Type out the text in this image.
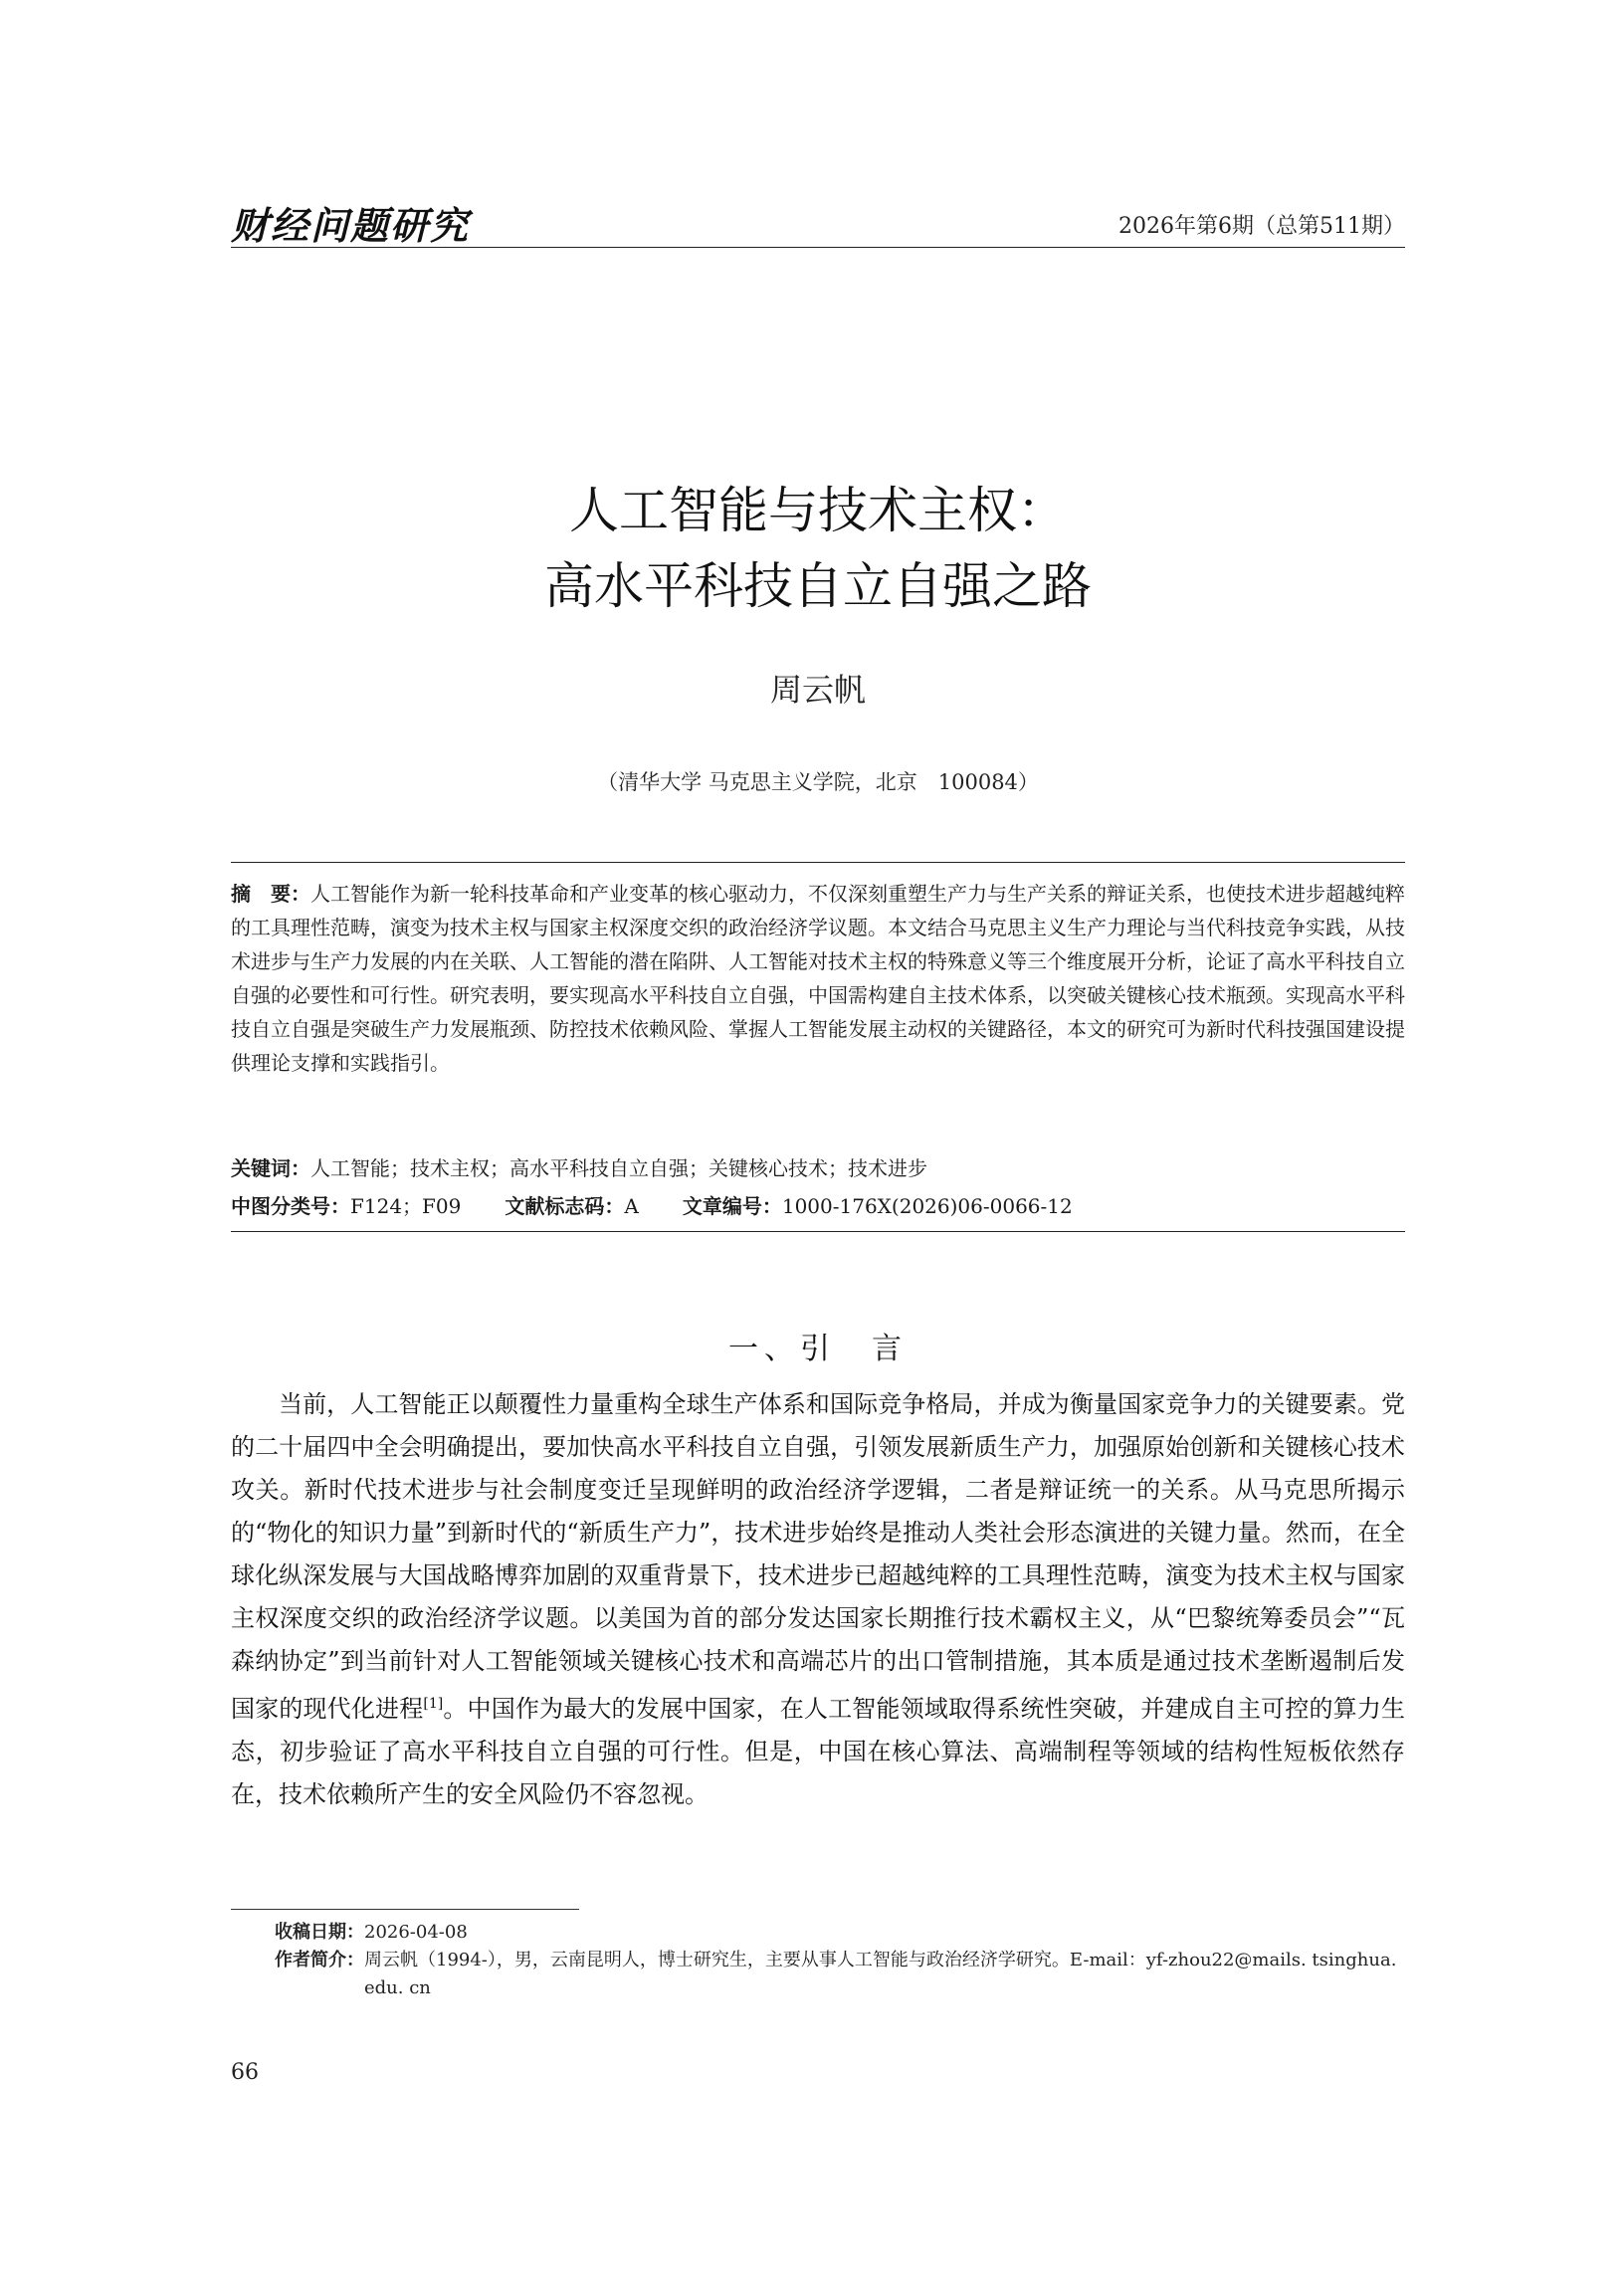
财经问题研究	2026年第6期（总第511期）
人工智能与技术主权：
高水平科技自立自强之路
周云帆
（清华大学 马克思主义学院，北京　100084）
摘　要：人工智能作为新一轮科技革命和产业变革的核心驱动力，不仅深刻重塑生产力与生产关系的辩证关系，也使技术进步超越纯粹的工具理性范畴，演变为技术主权与国家主权深度交织的政治经济学议题。本文结合马克思主义生产力理论与当代科技竞争实践，从技术进步与生产力发展的内在关联、人工智能的潜在陷阱、人工智能对技术主权的特殊意义等三个维度展开分析，论证了高水平科技自立自强的必要性和可行性。研究表明，要实现高水平科技自立自强，中国需构建自主技术体系，以突破关键核心技术瓶颈。实现高水平科技自立自强是突破生产力发展瓶颈、防控技术依赖风险、掌握人工智能发展主动权的关键路径，本文的研究可为新时代科技强国建设提供理论支撑和实践指引。
关键词：人工智能；技术主权；高水平科技自立自强；关键核心技术；技术进步
中图分类号：F124；F09 文献标志码：A 文章编号：1000-176X(2026)06-0066-12
一、引　言
当前，人工智能正以颠覆性力量重构全球生产体系和国际竞争格局，并成为衡量国家竞争力的关键要素。党的二十届四中全会明确提出，要加快高水平科技自立自强，引领发展新质生产力，加强原始创新和关键核心技术攻关。新时代技术进步与社会制度变迁呈现鲜明的政治经济学逻辑，二者是辩证统一的关系。从马克思所揭示的“物化的知识力量”到新时代的“新质生产力”，技术进步始终是推动人类社会形态演进的关键力量。然而，在全球化纵深发展与大国战略博弈加剧的双重背景下，技术进步已超越纯粹的工具理性范畴，演变为技术主权与国家主权深度交织的政治经济学议题。以美国为首的部分发达国家长期推行技术霸权主义，从“巴黎统筹委员会”“瓦森纳协定”到当前针对人工智能领域关键核心技术和高端芯片的出口管制措施，其本质是通过技术垄断遏制后发国家的现代化进程[1]。中国作为最大的发展中国家，在人工智能领域取得系统性突破，并建成自主可控的算力生态，初步验证了高水平科技自立自强的可行性。但是，中国在核心算法、高端制程等领域的结构性短板依然存在，技术依赖所产生的安全风险仍不容忽视。
收稿日期： 2026-04-08
作者简介： 周云帆（1994-），男，云南昆明人，博士研究生，主要从事人工智能与政治经济学研究。E-mail：yf-zhou22@mails. tsinghua. edu. cn
66
